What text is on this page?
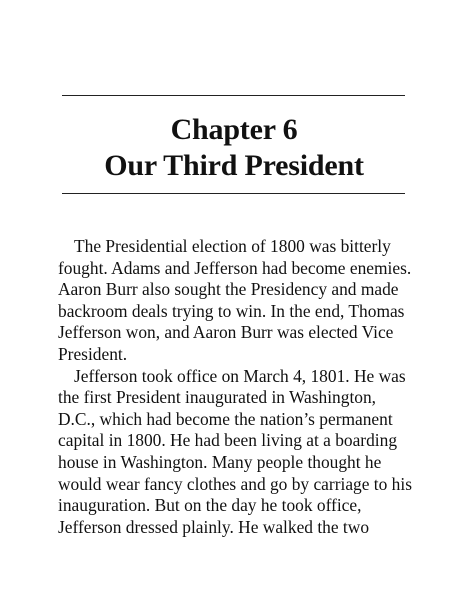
Chapter 6
Our Third President
The Presidential election of 1800 was bitterly
fought. Adams and Jefferson had become enemies.
Aaron Burr also sought the Presidency and made
backroom deals trying to win. In the end, Thomas
Jefferson won, and Aaron Burr was elected Vice
President.
Jefferson took office on March 4, 1801. He was
the first President inaugurated in Washington,
D.C., which had become the nation’s permanent
capital in 1800. He had been living at a boarding
house in Washington. Many people thought he
would wear fancy clothes and go by carriage to his
inauguration. But on the day he took office,
Jefferson dressed plainly. He walked the two
